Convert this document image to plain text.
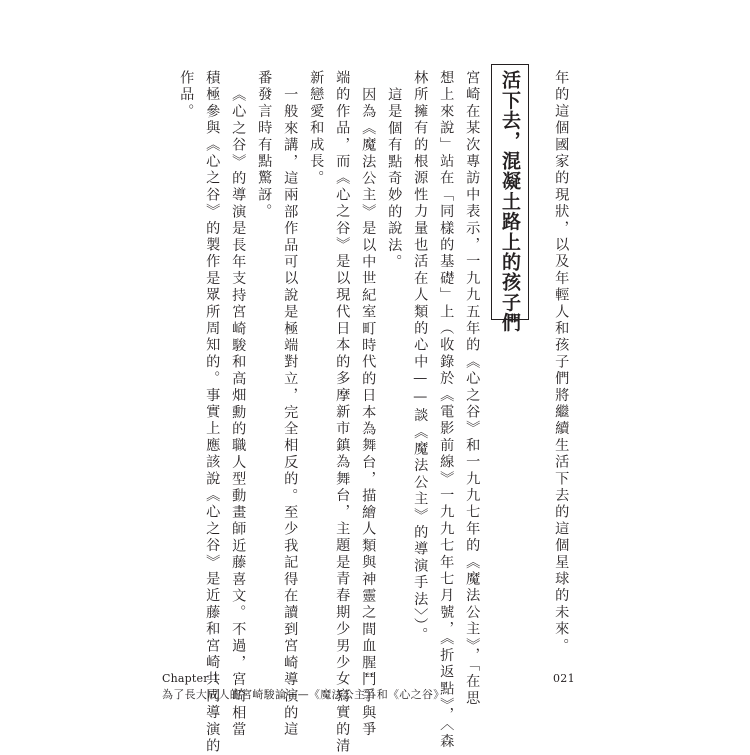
年的這個國家的現狀，以及年輕人和孩子們將繼續生活下去的這個星球的未來。
活下去，混凝土路上的孩子們
宮崎在某次專訪中表示，一九九五年的《心之谷》和一九九七年的《魔法公主》，「在思
想上來說」站在「同樣的基礎」上（收錄於《電影前線》一九九七年七月號，《折返點》，〈森
林所擁有的根源性力量也活在人類的心中——談《魔法公主》的導演手法〉）。
這是個有點奇妙的說法。
因為《魔法公主》是以中世紀室町時代的日本為舞台，描繪人類與神靈之間血腥鬥爭與爭
端的作品，而《心之谷》是以現代日本的多摩新市鎮為舞台，主題是青春期少男少女寫實的清
新戀愛和成長。
一般來講，這兩部作品可以說是極端對立，完全相反的。至少我記得在讀到宮崎導演的這
番發言時有點驚訝。
《心之谷》的導演是長年支持宮崎駿和高畑勳的職人型動畫師近藤喜文。不過，宮崎相當
積極參與《心之谷》的製作是眾所周知的。事實上應該說《心之谷》是近藤和宮崎共同導演的
作品。
Chapter 1
為了長大成人的宮崎駿論——《魔法公主》和《心之谷》
021
